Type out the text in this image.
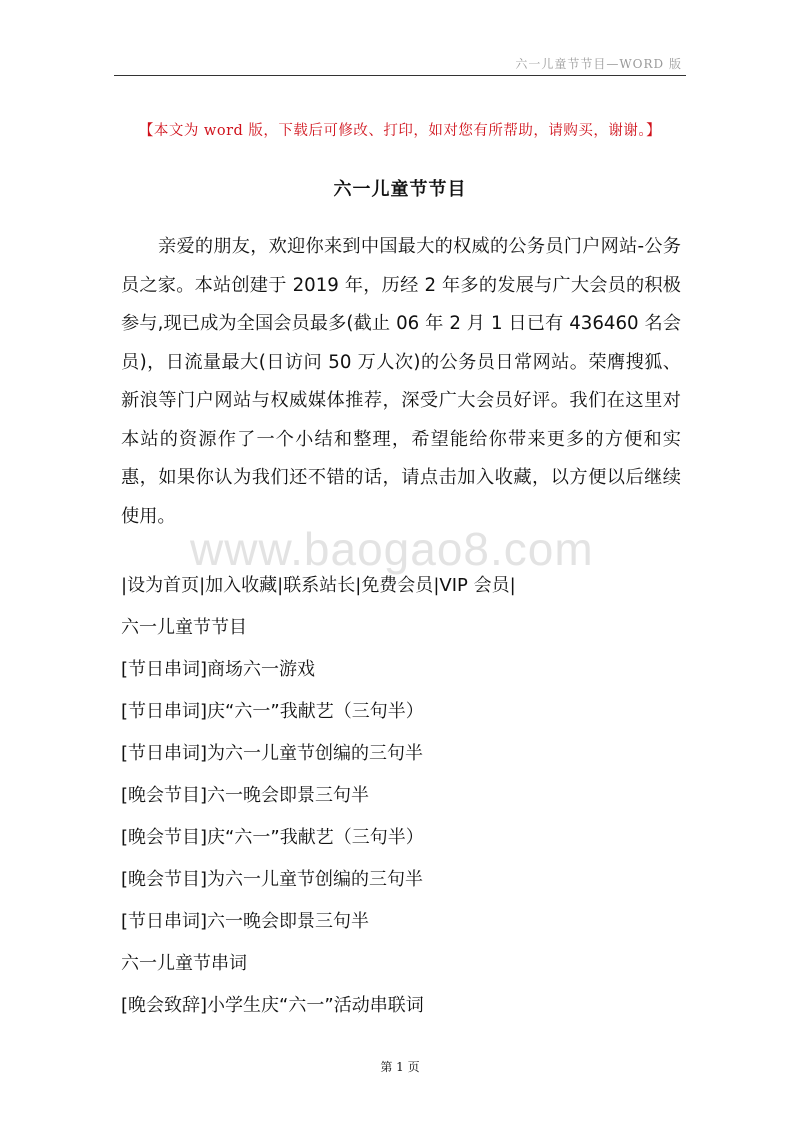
六一儿童节节目—WORD 版
【本文为 word 版，下载后可修改、打印，如对您有所帮助，请购买，谢谢。】
六一儿童节节目

亲爱的朋友，欢迎你来到中国最大的权威的公务员门户网站-公务员之家。本站创建于 2019 年，历经 2 年多的发展与广大会员的积极参与,现已成为全国会员最多(截止 06 年 2 月 1 日已有 436460 名会员)，日流量最大(日访问 50 万人次)的公务员日常网站。荣膺搜狐、新浪等门户网站与权威媒体推荐，深受广大会员好评。我们在这里对本站的资源作了一个小结和整理，希望能给你带来更多的方便和实惠，如果你认为我们还不错的话，请点击加入收藏，以方便以后继续使用。

www.baogao8.com
|设为首页|加入收藏|联系站长|免费会员|VIP 会员|
六一儿童节节目
[节日串词]商场六一游戏
[节日串词]庆“六一”我献艺（三句半）
[节日串词]为六一儿童节创编的三句半
[晚会节目]六一晚会即景三句半
[晚会节目]庆“六一”我献艺（三句半）
[晚会节目]为六一儿童节创编的三句半
[节日串词]六一晚会即景三句半
六一儿童节串词
[晚会致辞]小学生庆“六一”活动串联词
第 1 页
